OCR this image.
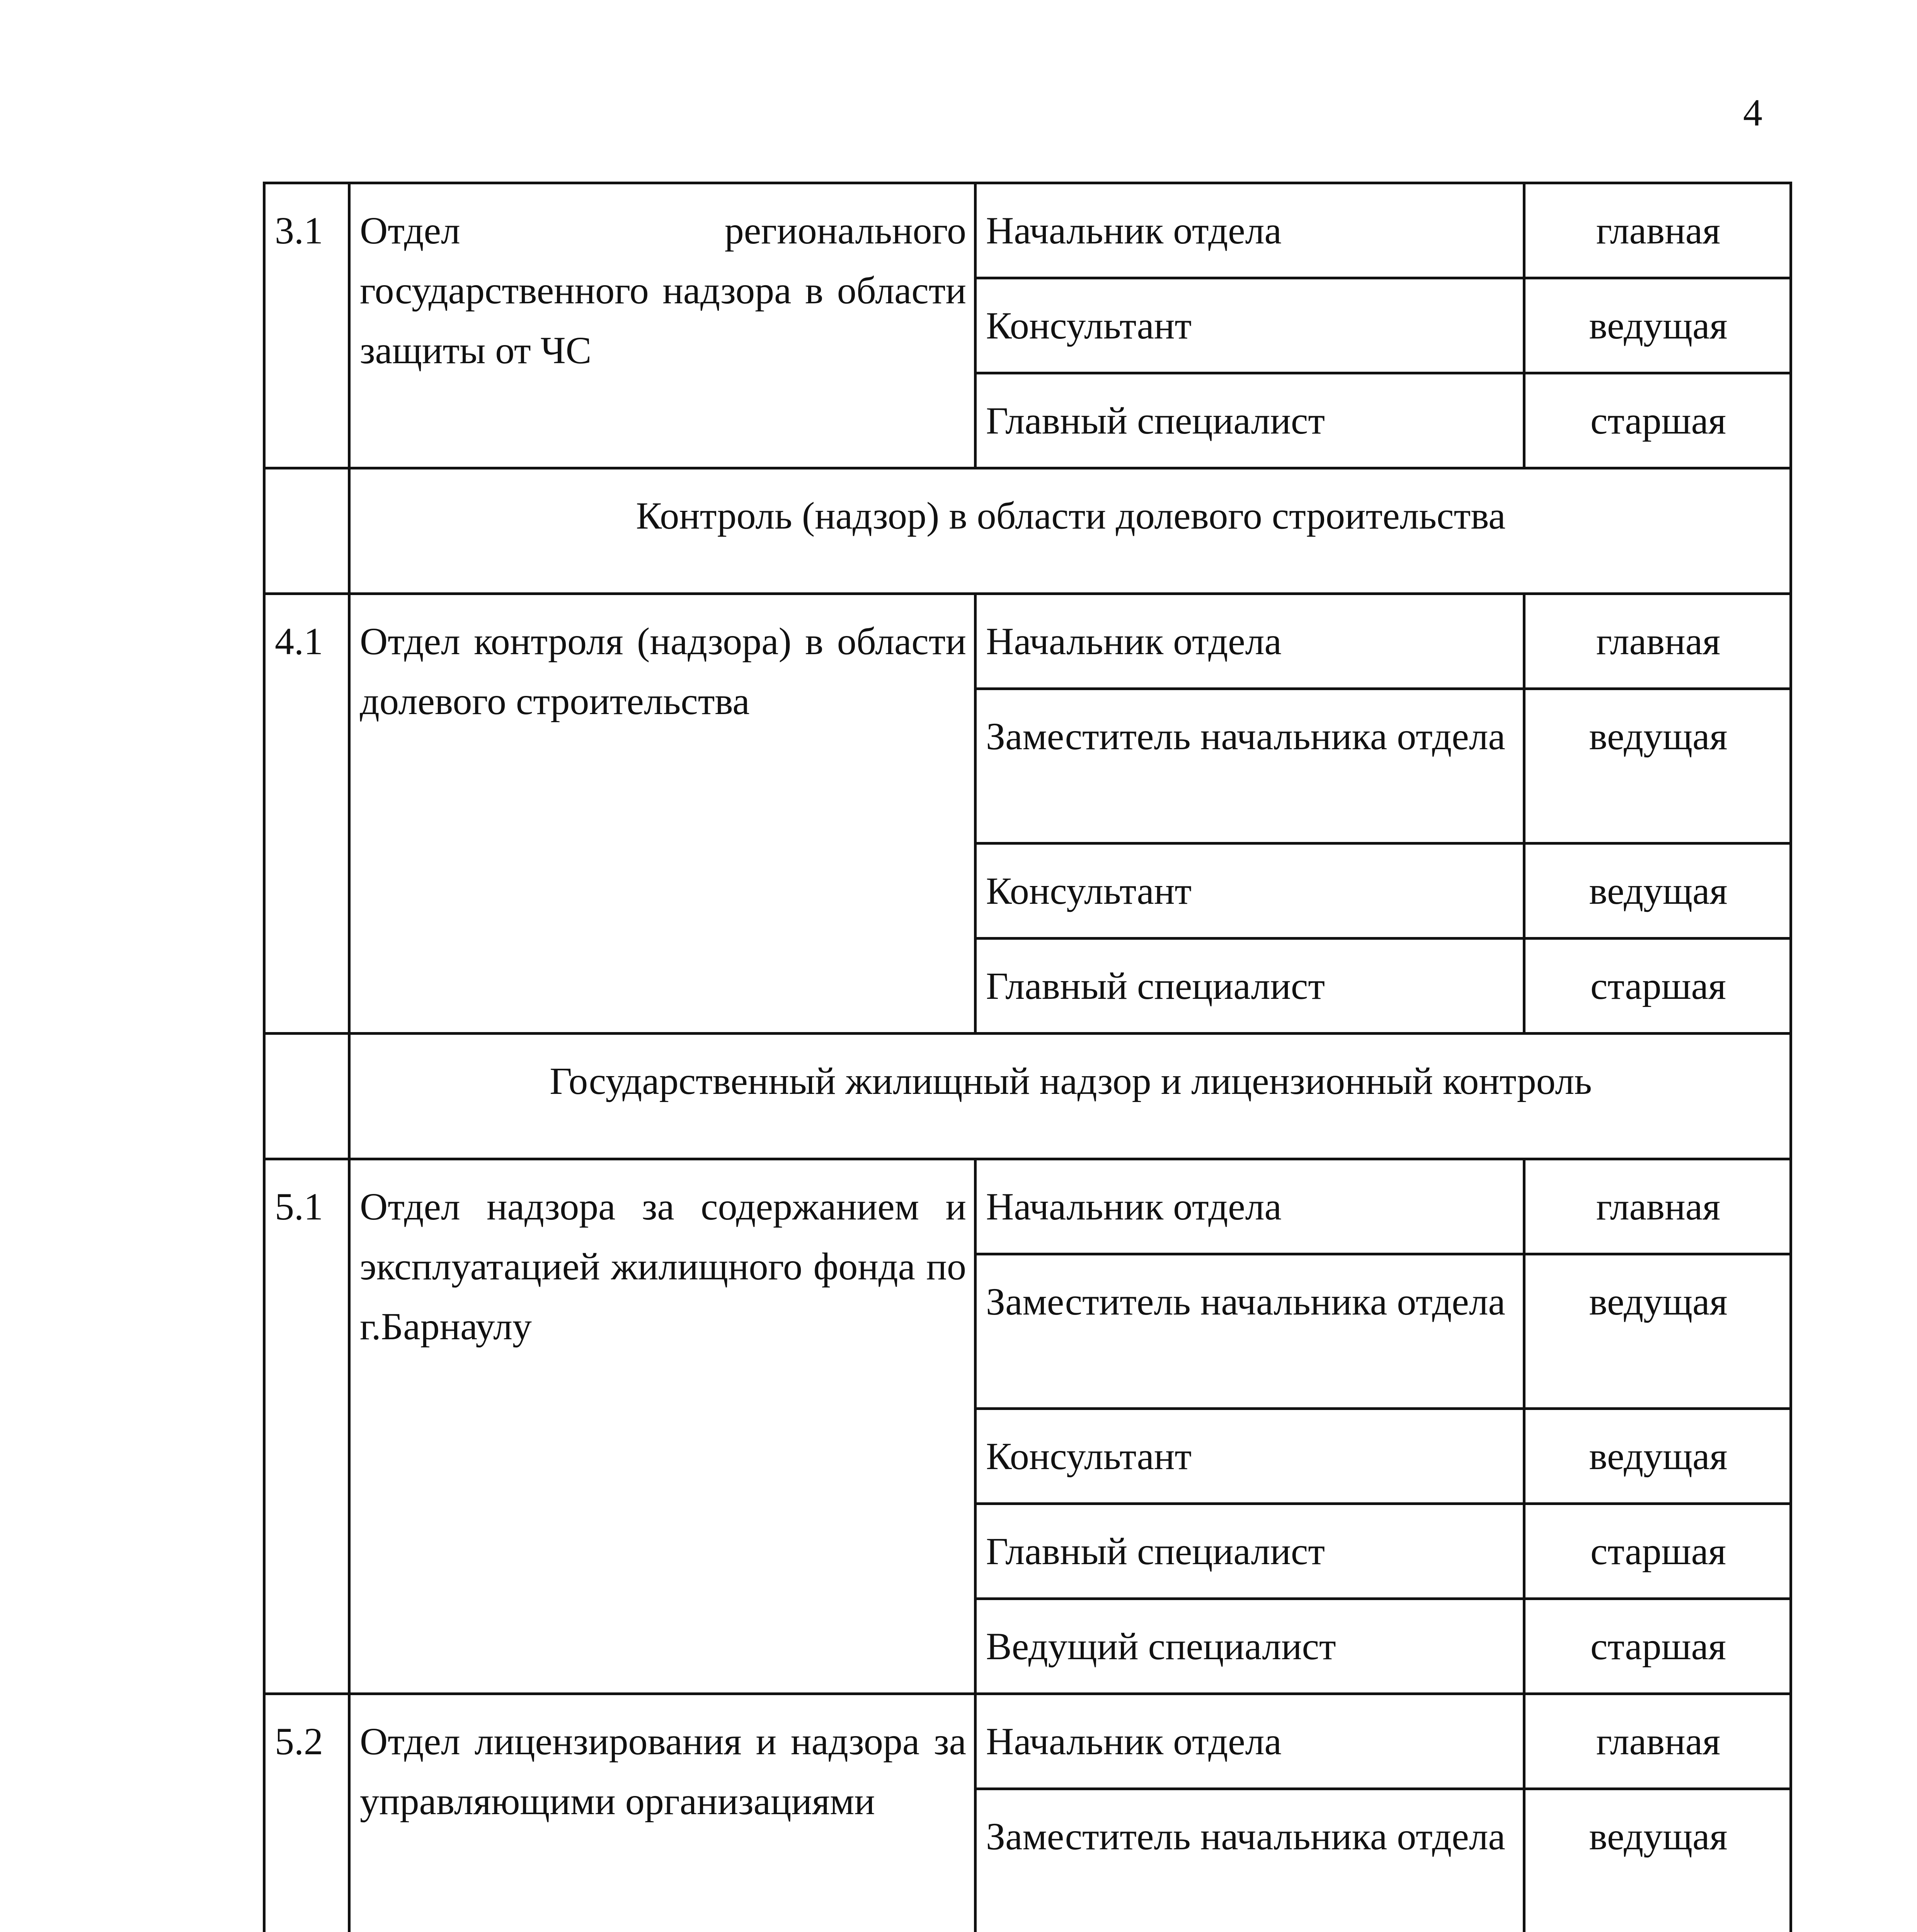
4
3.1	Отдел регионального государственного надзора в области защиты от ЧС	Начальник отдела	главная
		Консультант	ведущая
		Главный специалист	старшая
	Контроль (надзор) в области долевого строительства		
4.1	Отдел контроля (надзора) в области долевого строительства	Начальник отдела	главная
		Заместитель начальника отдела	ведущая
		Консультант	ведущая
		Главный специалист	старшая
	Государственный жилищный надзор и лицензионный контроль		
5.1	Отдел надзора за содержанием и эксплуатацией жилищного фонда по г.Барнаулу	Начальник отдела	главная
		Заместитель начальника отдела	ведущая
		Консультант	ведущая
		Главный специалист	старшая
		Ведущий специалист	старшая
5.2	Отдел лицензирования и надзора за управляющими организациями	Начальник отдела	главная
		Заместитель начальника отдела	ведущая
